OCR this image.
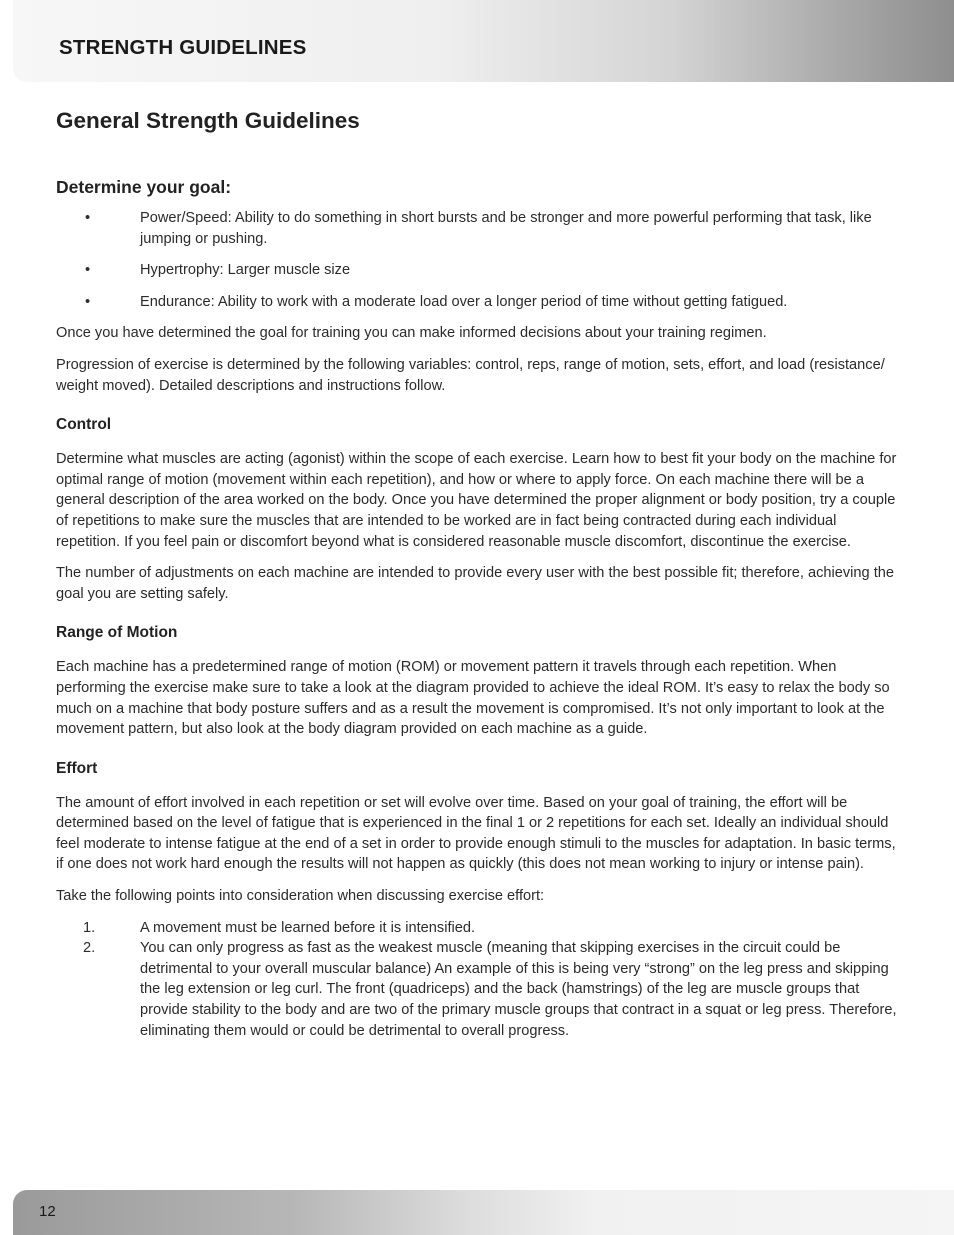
STRENGTH GUIDELINES
General Strength Guidelines
Determine your goal:
•	Power/Speed: Ability to do something in short bursts and be stronger and more powerful performing that task, like jumping or pushing.
•	Hypertrophy: Larger muscle size
•	Endurance: Ability to work with a moderate load over a longer period of time without getting fatigued.

Once you have determined the goal for training you can make informed decisions about your training regimen.

Progression of exercise is determined by the following variables: control, reps, range of motion, sets, effort, and load (resistance/ weight moved). Detailed descriptions and instructions follow.

Control

Determine what muscles are acting (agonist) within the scope of each exercise. Learn how to best fit your body on the machine for optimal range of motion (movement within each repetition), and how or where to apply force. On each machine there will be a general description of the area worked on the body. Once you have determined the proper alignment or body position, try a couple of repetitions to make sure the muscles that are intended to be worked are in fact being contracted during each individual repetition. If you feel pain or discomfort beyond what is considered reasonable muscle discomfort, discontinue the exercise.

The number of adjustments on each machine are intended to provide every user with the best possible fit; therefore, achieving the goal you are setting safely.

Range of Motion

Each machine has a predetermined range of motion (ROM) or movement pattern it travels through each repetition. When performing the exercise make sure to take a look at the diagram provided to achieve the ideal ROM. It’s easy to relax the body so much on a machine that body posture suffers and as a result the movement is compromised. It’s not only important to look at the movement pattern, but also look at the body diagram provided on each machine as a guide.

Effort

The amount of effort involved in each repetition or set will evolve over time. Based on your goal of training, the effort will be determined based on the level of fatigue that is experienced in the final 1 or 2 repetitions for each set. Ideally an individual should feel moderate to intense fatigue at the end of a set in order to provide enough stimuli to the muscles for adaptation. In basic terms, if one does not work hard enough the results will not happen as quickly (this does not mean working to injury or intense pain).

Take the following points into consideration when discussing exercise effort:

1.	A movement must be learned before it is intensified.
2.	You can only progress as fast as the weakest muscle (meaning that skipping exercises in the circuit could be detrimental to your overall muscular balance) An example of this is being very “strong” on the leg press and skipping the leg extension or leg curl. The front (quadriceps) and the back (hamstrings) of the leg are muscle groups that provide stability to the body and are two of the primary muscle groups that contract in a squat or leg press. Therefore, eliminating them would or could be detrimental to overall progress.
12
